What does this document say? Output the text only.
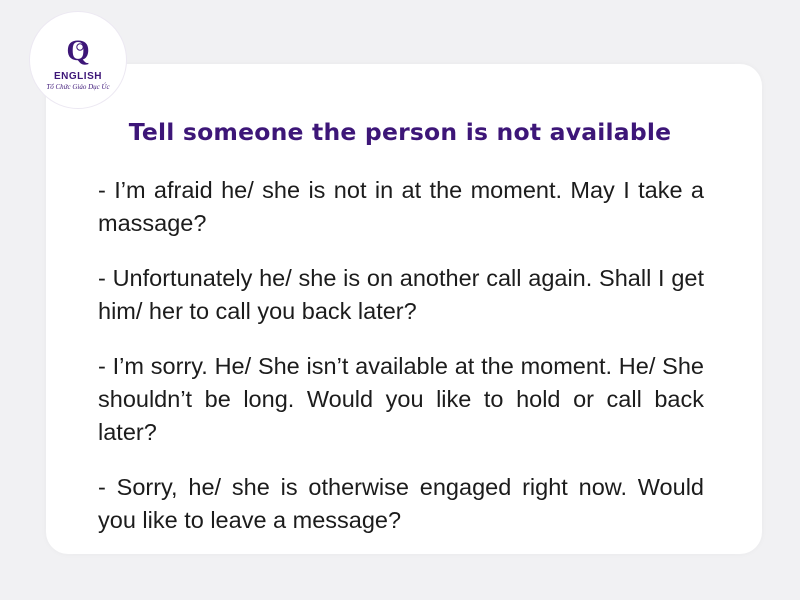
Q
ENGLISH
Tổ Chức Giáo Dục Úc
Tell someone the person is not available

- I’m afraid he/ she is not in at the moment. May I take a massage?

- Unfortunately he/ she is on another call again. Shall I get him/ her to call you back later?

- I’m sorry. He/ She isn’t available at the moment. He/ She shouldn’t be long. Would you like to hold or call back later?

- Sorry, he/ she is otherwise engaged right now. Would you like to leave a message?
